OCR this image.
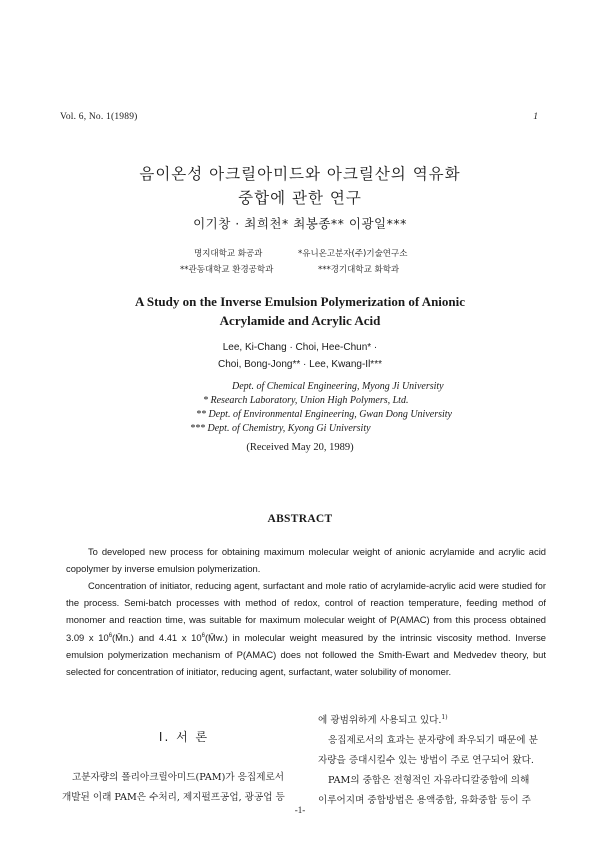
Vol. 6, No. 1(1989)	1
음이온성 아크릴아미드와 아크릴산의 역유화
중합에 관한 연구
이기창 · 최희천* 최봉종** 이광일***
명지대학교 화공과	*유니온고분자(주)기술연구소
**관동대학교 환경공학과	***경기대학교 화학과
A Study on the Inverse Emulsion Polymerization of Anionic
Acrylamide and Acrylic Acid
Lee, Ki-Chang · Choi, Hee-Chun* ·
Choi, Bong-Jong** · Lee, Kwang-Il***
Dept. of Chemical Engineering, Myong Ji University
* Research Laboratory, Union High Polymers, Ltd.
** Dept. of Environmental Engineering, Gwan Dong University
*** Dept. of Chemistry, Kyong Gi University
(Received May 20, 1989)
ABSTRACT

To developed new process for obtaining maximum molecular weight of anionic acrylamide and acrylic acid copolymer by inverse emulsion polymerization.

Concentration of initiator, reducing agent, surfactant and mole ratio of acrylamide-acrylic acid were studied for the process. Semi-batch processes with method of redox, control of reaction temperature, feeding method of monomer and reaction time, was suitable for maximum molecular weight of P(AMAC) from this process obtained 3.09 x $10^6(M̄n.)$ and 4.41 x $10^6(M̄w.)$ in molecular weight measured by the intrinsic viscosity method. Inverse emulsion polymerization mechanism of P(AMAC) does not followed the Smith-Ewart and Medvedev theory, but selected for concentration of initiator, reducing agent, surfactant, water solubility of monomer.

I. 서 론

고분자량의 폴리아크릴아미드(PAM)가 응집제로서

개발된 이래 PAM은 수처리, 제지펄프공업, 광공업 등

에 광범위하게 사용되고 있다.$^{1)}$

응집제로서의 효과는 분자량에 좌우되기 때문에 분

자량을 증대시킬수 있는 방법이 주로 연구되어 왔다.

PAM의 중합은 전형적인 자유라디칼중합에 의해

이루어지며 중합방법은 용액중합, 유화중합 등이 주

-1-
